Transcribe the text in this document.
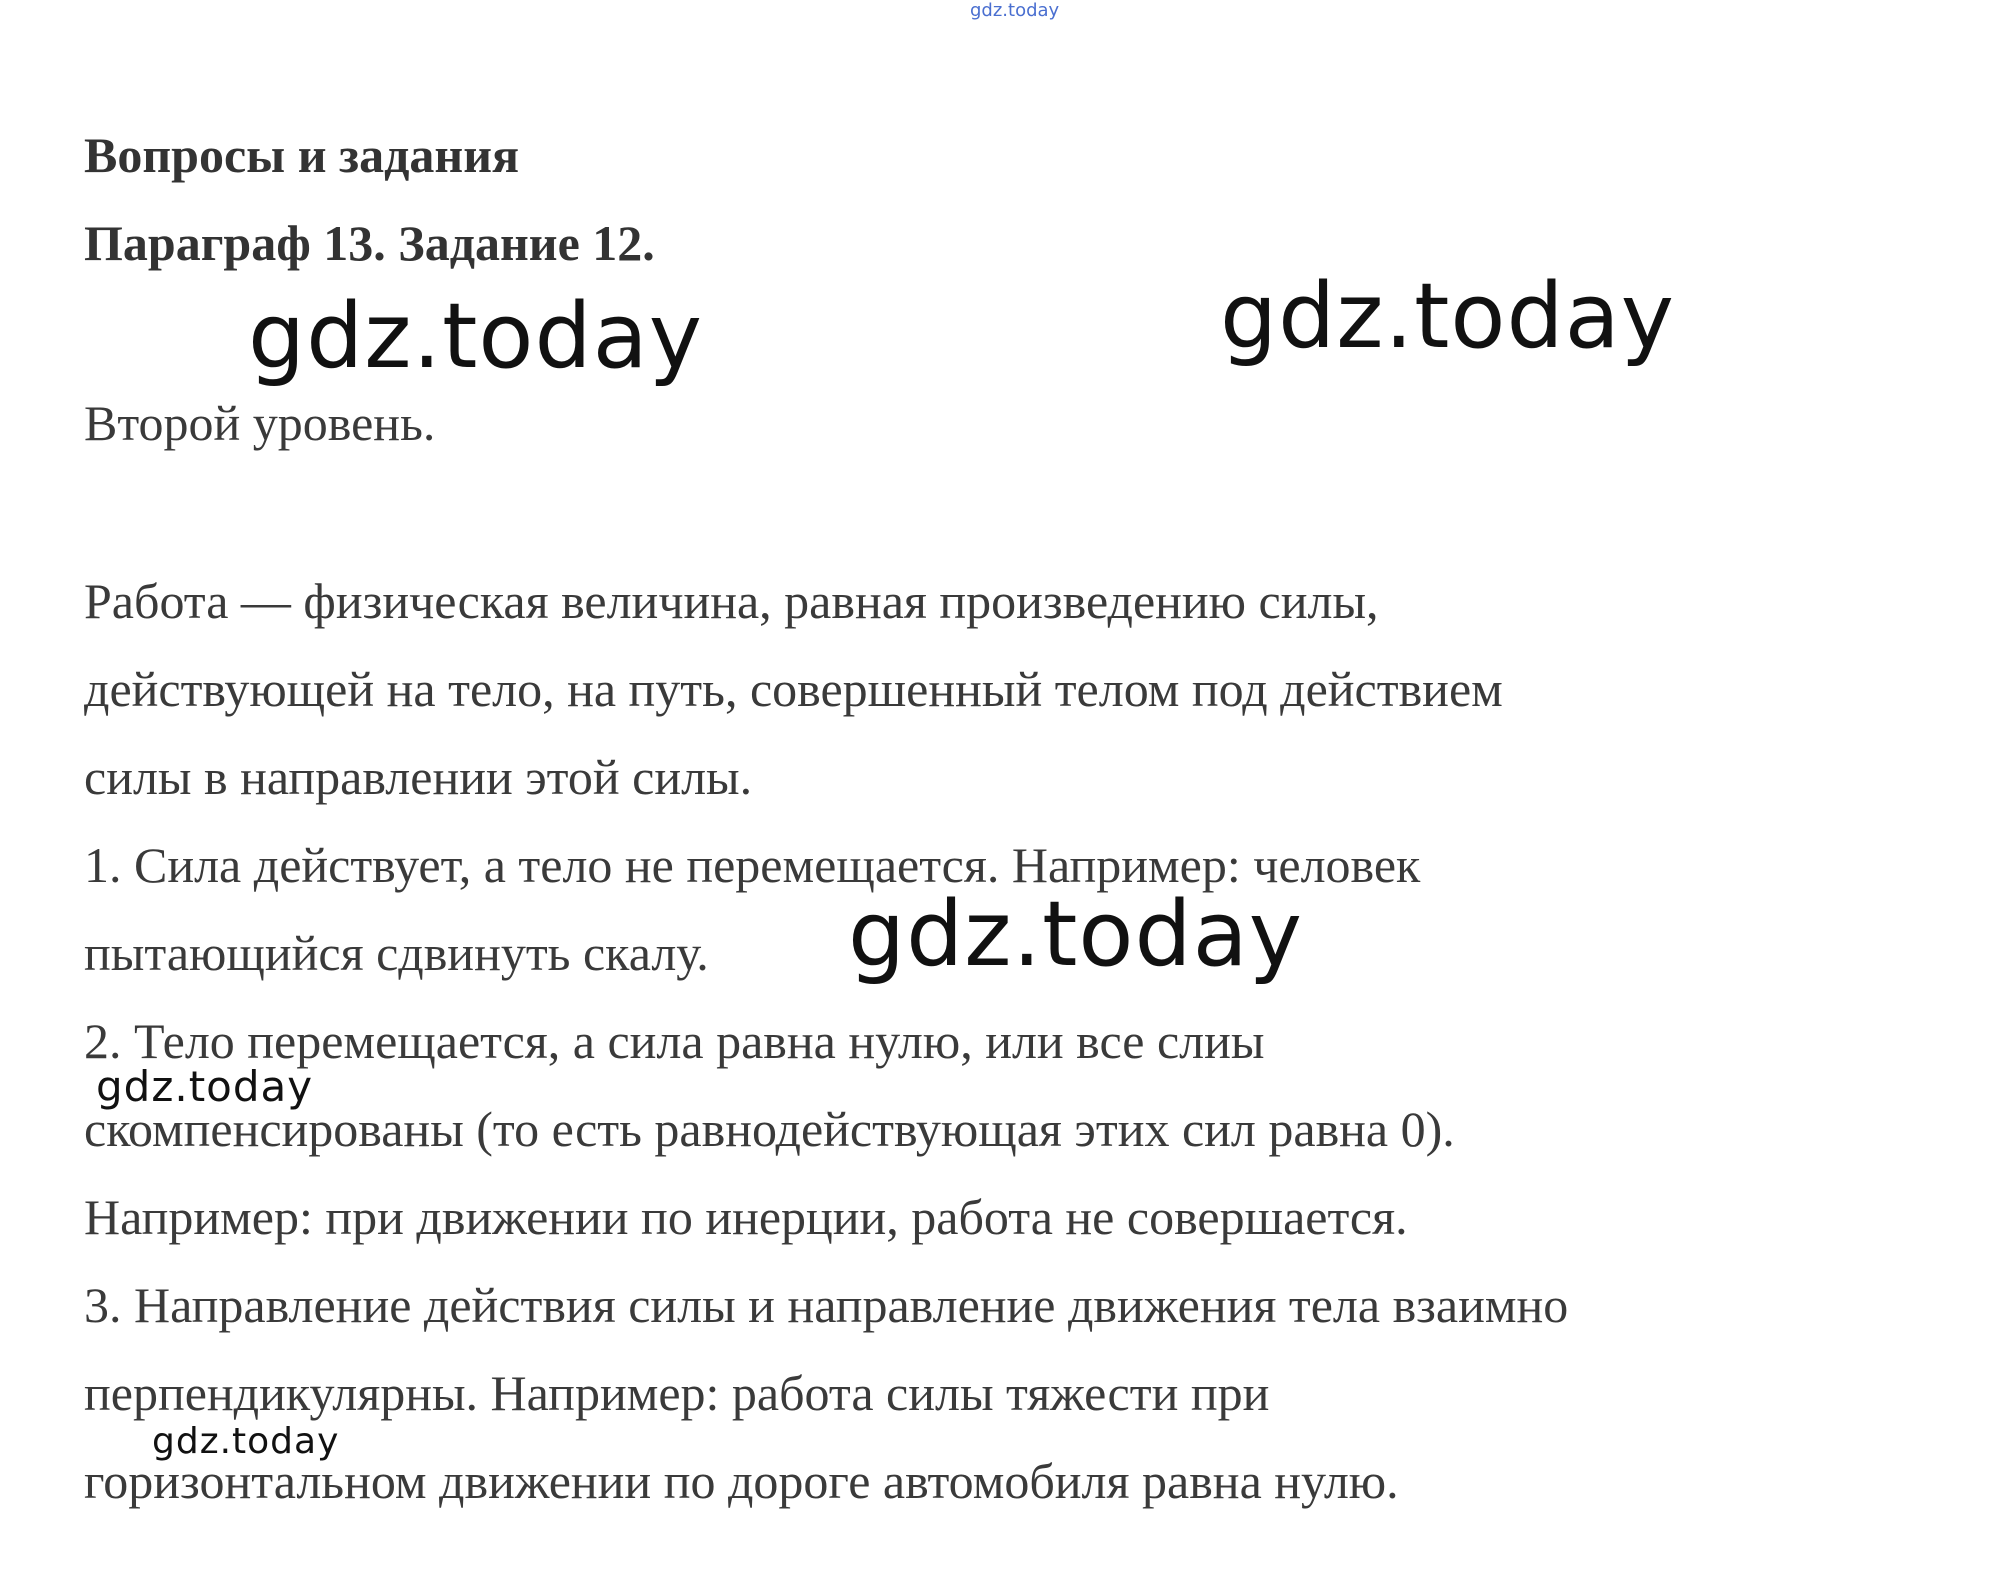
gdz.today
Вопросы и задания
Параграф 13. Задание 12.
gdz.today	gdz.today
Второй уровень.
Работа — физическая величина, равная произведению силы,
действующей на тело, на путь, совершенный телом под действием
силы в направлении этой силы.
1. Сила действует, а тело не перемещается. Например: человек
пытающийся сдвинуть скалу.
2. Тело перемещается, а сила равна нулю, или все слиы
скомпенсированы (то есть равнодействующая этих сил равна 0).
Например: при движении по инерции, работа не совершается.
3. Направление действия силы и направление движения тела взаимно
перпендикулярны. Например: работа силы тяжести при
горизонтальном движении по дороге автомобиля равна нулю.
gdz.today
gdz.today
gdz.today
